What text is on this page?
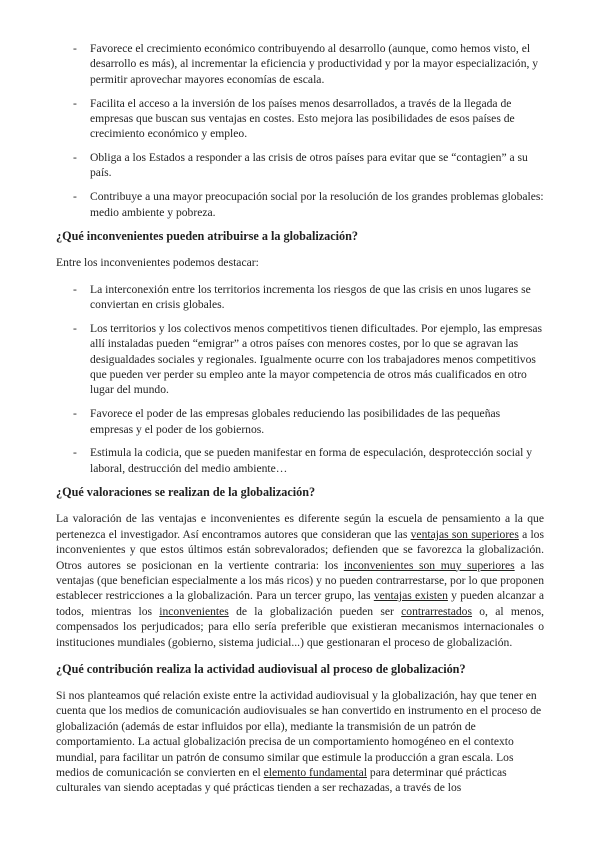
-	Favorece el crecimiento económico contribuyendo al desarrollo (aunque, como hemos visto, el desarrollo es más), al incrementar la eficiencia y productividad y por la mayor especialización, y permitir aprovechar mayores economías de escala.
-	Facilita el acceso a la inversión de los países menos desarrollados, a través de la llegada de empresas que buscan sus ventajas en costes. Esto mejora las posibilidades de esos países de crecimiento económico y empleo.
-	Obliga a los Estados a responder a las crisis de otros países para evitar que se “contagien” a su país.
-	Contribuye a una mayor preocupación social por la resolución de los grandes problemas globales: medio ambiente y pobreza.
¿Qué inconvenientes pueden atribuirse a la globalización?

Entre los inconvenientes podemos destacar:

-	La interconexión entre los territorios incrementa los riesgos de que las crisis en unos lugares se conviertan en crisis globales.
-	Los territorios y los colectivos menos competitivos tienen dificultades. Por ejemplo, las empresas allí instaladas pueden “emigrar” a otros países con menores costes, por lo que se agravan las desigualdades sociales y regionales. Igualmente ocurre con los trabajadores menos competitivos que pueden ver perder su empleo ante la mayor competencia de otros más cualificados en otro lugar del mundo.
-	Favorece el poder de las empresas globales reduciendo las posibilidades de las pequeñas empresas y el poder de los gobiernos.
-	Estimula la codicia, que se pueden manifestar en forma de especulación, desprotección social y laboral, destrucción del medio ambiente…
¿Qué valoraciones se realizan de la globalización?

La valoración de las ventajas e inconvenientes es diferente según la escuela de pensamiento a la que pertenezca el investigador. Así encontramos autores que consideran que las ventajas son superiores a los inconvenientes y que estos últimos están sobrevalorados; defienden que se favorezca la globalización. Otros autores se posicionan en la vertiente contraria: los inconvenientes son muy superiores a las ventajas (que benefician especialmente a los más ricos) y no pueden contrarrestarse, por lo que proponen establecer restricciones a la globalización. Para un tercer grupo, las ventajas existen y pueden alcanzar a todos, mientras los inconvenientes de la globalización pueden ser contrarrestados o, al menos, compensados los perjudicados; para ello sería preferible que existieran mecanismos internacionales o instituciones mundiales (gobierno, sistema judicial...) que gestionaran el proceso de globalización.

¿Qué contribución realiza la actividad audiovisual al proceso de globalización?

Si nos planteamos qué relación existe entre la actividad audiovisual y la globalización, hay que tener en cuenta que los medios de comunicación audiovisuales se han convertido en instrumento en el proceso de globalización (además de estar influidos por ella), mediante la transmisión de un patrón de comportamiento. La actual globalización precisa de un comportamiento homogéneo en el contexto mundial, para facilitar un patrón de consumo similar que estimule la producción a gran escala. Los medios de comunicación se convierten en el elemento fundamental para determinar qué prácticas culturales van siendo aceptadas y qué prácticas tienden a ser rechazadas, a través de los
